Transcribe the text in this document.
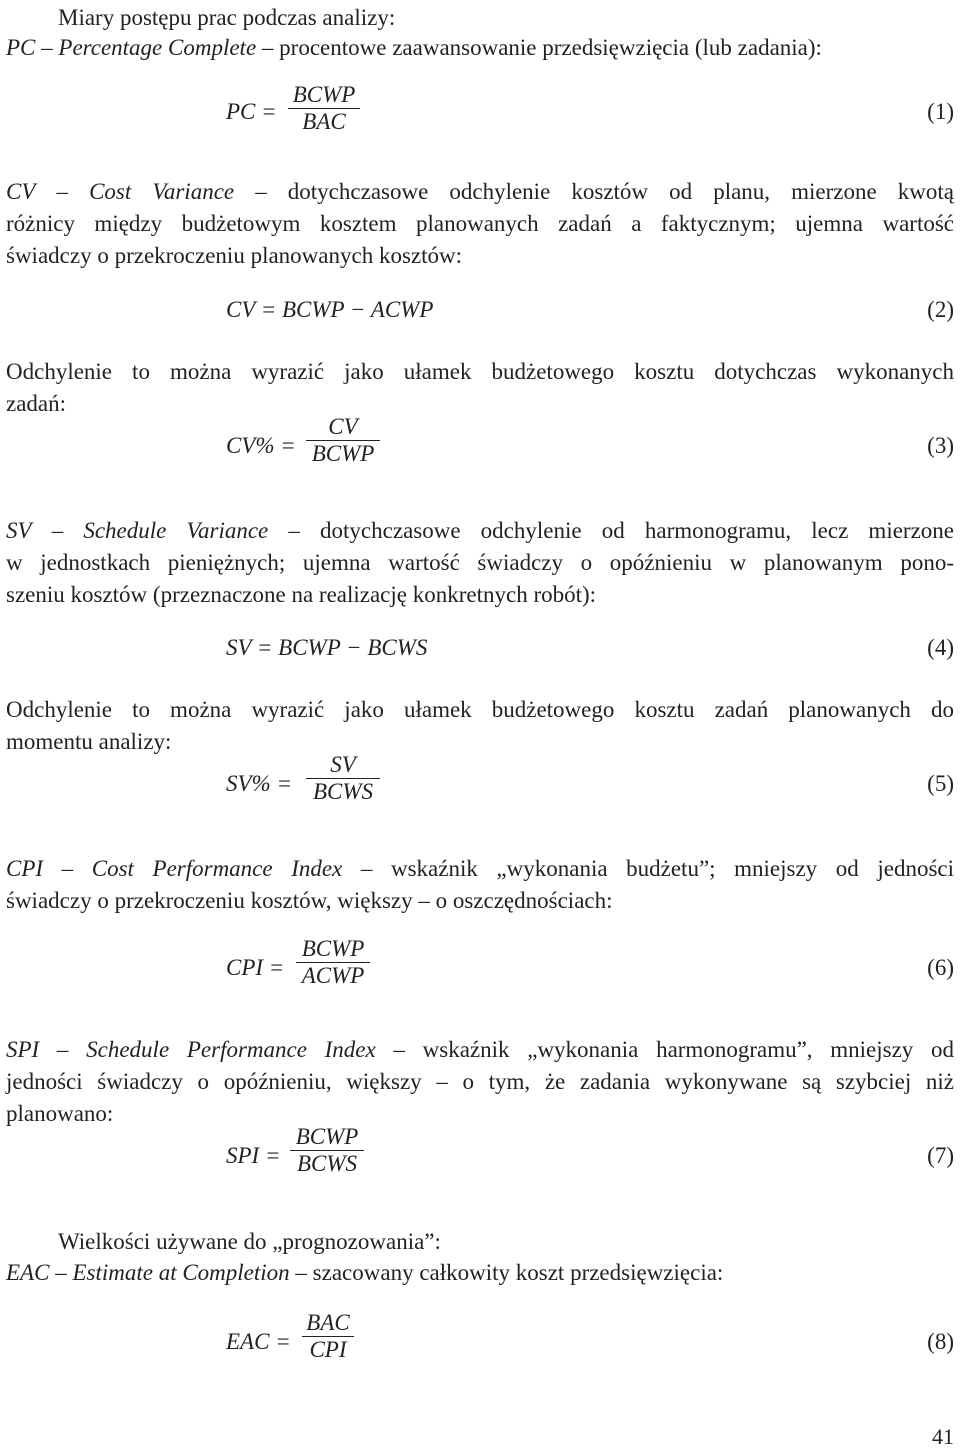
Miary postępu prac podczas analizy:
PC – Percentage Complete – procentowe zaawansowanie przedsięwzięcia (lub zadania):
PC =
BCWP
BAC	(1)
CV – Cost Variance – dotychczasowe odchylenie kosztów od planu, mierzone kwotą
różnicy między budżetowym kosztem planowanych zadań a faktycznym; ujemna wartość
świadczy o przekroczeniu planowanych kosztów:
CV = BCWP − ACWP	(2)
Odchylenie to można wyrazić jako ułamek budżetowego kosztu dotychczas wykonanych
zadań:
CV% =
CV
BCWP	(3)
SV – Schedule Variance – dotychczasowe odchylenie od harmonogramu, lecz mierzone
w jednostkach pieniężnych; ujemna wartość świadczy o opóźnieniu w planowanym pono-
szeniu kosztów (przeznaczone na realizację konkretnych robót):
SV = BCWP − BCWS	(4)
Odchylenie to można wyrazić jako ułamek budżetowego kosztu zadań planowanych do
momentu analizy:
SV% =
SV
BCWS	(5)
CPI – Cost Performance Index – wskaźnik „wykonania budżetu”; mniejszy od jedności
świadczy o przekroczeniu kosztów, większy – o oszczędnościach:
CPI =
BCWP
ACWP	(6)
SPI – Schedule Performance Index – wskaźnik „wykonania harmonogramu”, mniejszy od
jedności świadczy o opóźnieniu, większy – o tym, że zadania wykonywane są szybciej niż
planowano:
SPI =
BCWP
BCWS	(7)
Wielkości używane do „prognozowania”:
EAC – Estimate at Completion – szacowany całkowity koszt przedsięwzięcia:
EAC =
BAC
CPI	(8)
41
